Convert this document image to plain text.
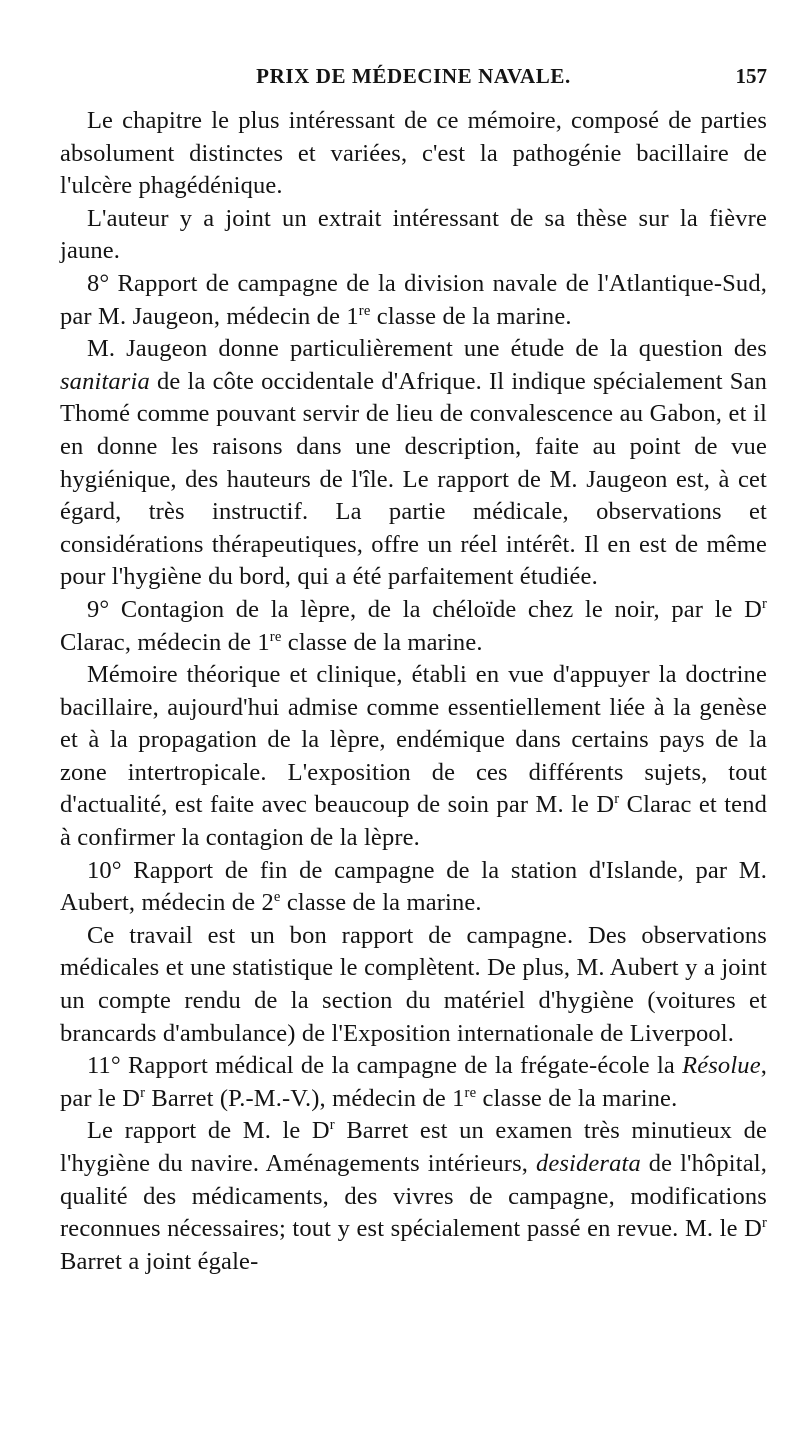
PRIX DE MÉDECINE NAVALE.	157

Le chapitre le plus intéressant de ce mémoire, composé de parties absolument distinctes et variées, c'est la pathogénie bacillaire de l'ulcère phagédénique.

L'auteur y a joint un extrait intéressant de sa thèse sur la fièvre jaune.

8° Rapport de campagne de la division navale de l'Atlantique-Sud, par M. Jaugeon, médecin de 1re classe de la marine.

M. Jaugeon donne particulièrement une étude de la question des sanitaria de la côte occidentale d'Afrique. Il indique spécialement San Thomé comme pouvant servir de lieu de convalescence au Gabon, et il en donne les raisons dans une description, faite au point de vue hygiénique, des hauteurs de l'île. Le rapport de M. Jaugeon est, à cet égard, très instructif. La partie médicale, observations et considérations thérapeutiques, offre un réel intérêt. Il en est de même pour l'hygiène du bord, qui a été parfaitement étudiée.

9° Contagion de la lèpre, de la chéloïde chez le noir, par le $D^r$ Clarac, médecin de 1re classe de la marine.

Mémoire théorique et clinique, établi en vue d'appuyer la doctrine bacillaire, aujourd'hui admise comme essentiellement liée à la genèse et à la propagation de la lèpre, endémique dans certains pays de la zone intertropicale. L'exposition de ces différents sujets, tout d'actualité, est faite avec beaucoup de soin par M. le $D^r$ Clarac et tend à confirmer la contagion de la lèpre.

10° Rapport de fin de campagne de la station d'Islande, par M. Aubert, médecin de 2e classe de la marine.

Ce travail est un bon rapport de campagne. Des observations médicales et une statistique le complètent. De plus, M. Aubert y a joint un compte rendu de la section du matériel d'hygiène (voitures et brancards d'ambulance) de l'Exposition internationale de Liverpool.

11° Rapport médical de la campagne de la frégate-école la Résolue, par le $D^r$ Barret (P.-M.-V.), médecin de 1re classe de la marine.

Le rapport de M. le $D^r$ Barret est un examen très minutieux de l'hygiène du navire. Aménagements intérieurs, desiderata de l'hôpital, qualité des médicaments, des vivres de campagne, modifications reconnues nécessaires; tout y est spécialement passé en revue. M. le $D^r$ Barret a joint égale-
